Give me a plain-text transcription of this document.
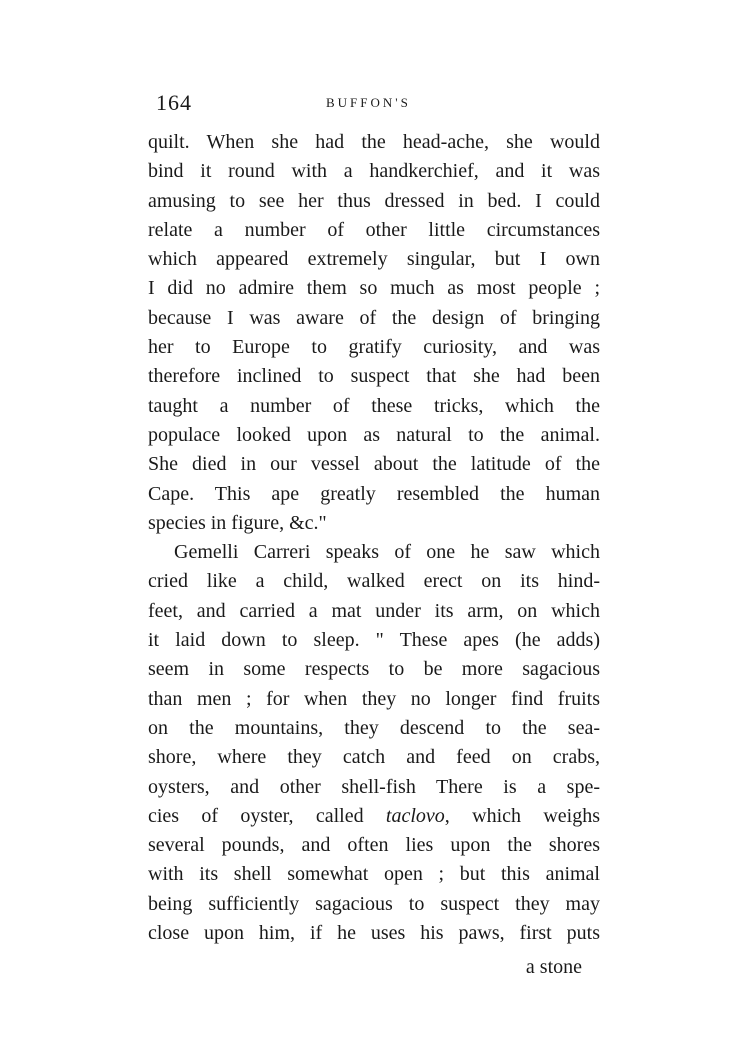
164	BUFFON'S
quilt. When she had the head-ache, she would
bind it round with a handkerchief, and it was
amusing to see her thus dressed in bed. I could
relate a number of other little circumstances
which appeared extremely singular, but I own
I did no admire them so much as most people ;
because I was aware of the design of bringing
her to Europe to gratify curiosity, and was
therefore inclined to suspect that she had been
taught a number of these tricks, which the
populace looked upon as natural to the animal.
She died in our vessel about the latitude of the
Cape. This ape greatly resembled the human
species in figure, &c."
Gemelli Carreri speaks of one he saw which
cried like a child, walked erect on its hind-
feet, and carried a mat under its arm, on which
it laid down to sleep. " These apes (he adds)
seem in some respects to be more sagacious
than men ; for when they no longer find fruits
on the mountains, they descend to the sea-
shore, where they catch and feed on crabs,
oysters, and other shell-fish There is a spe-
cies of oyster, called taclovo, which weighs
several pounds, and often lies upon the shores
with its shell somewhat open ; but this animal
being sufficiently sagacious to suspect they may
close upon him, if he uses his paws, first puts
a stone
